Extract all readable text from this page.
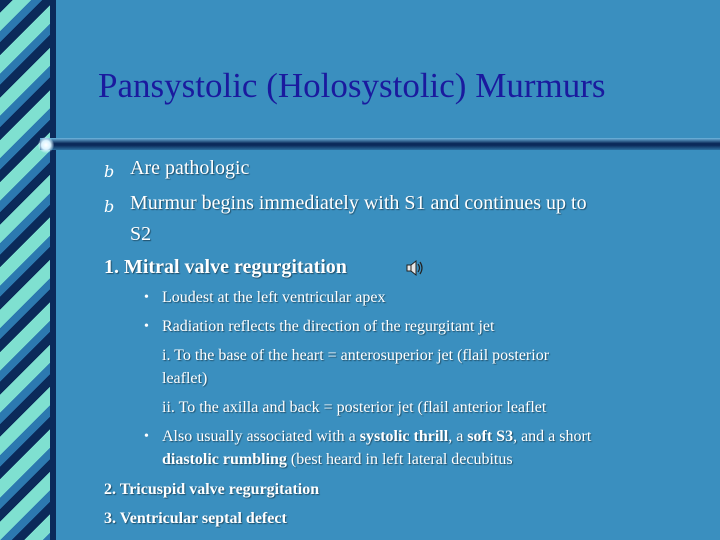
Pansystolic (Holosystolic) Murmurs
b Are pathologic
b Murmur begins immediately with S1 and continues up to
S2
1. Mitral valve regurgitation
• Loudest at the left ventricular apex
• Radiation reflects the direction of the regurgitant jet
i. To the base of the heart = anterosuperior jet (flail posterior
leaflet)
ii. To the axilla and back = posterior jet (flail anterior leaflet
• Also usually associated with a systolic thrill, a soft S3, and a short
diastolic rumbling (best heard in left lateral decubitus
2. Tricuspid valve regurgitation
3. Ventricular septal defect
